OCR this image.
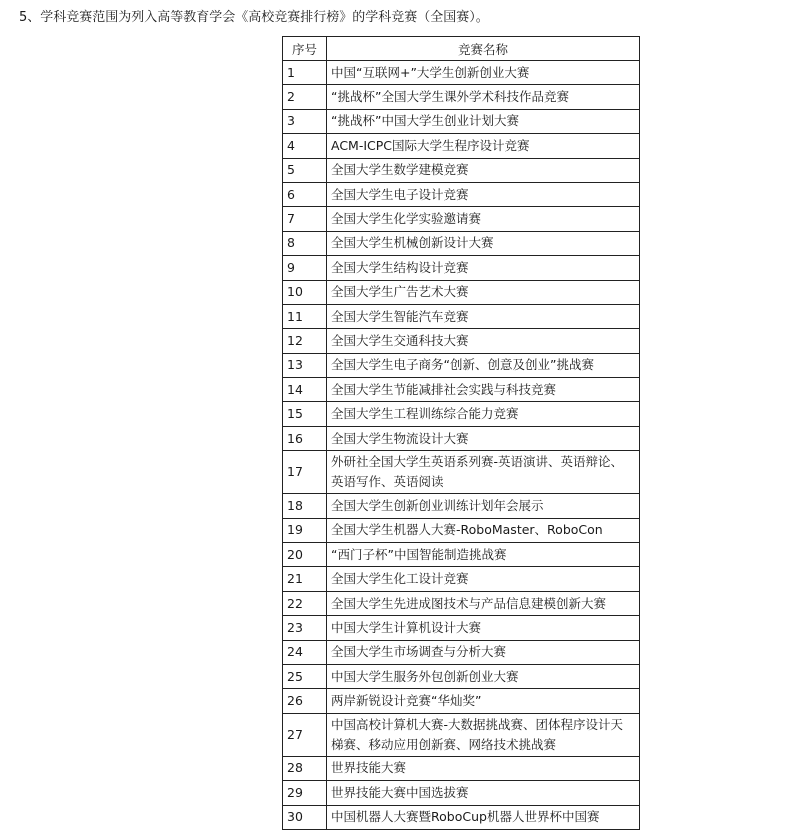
5、学科竞赛范围为列入高等教育学会《高校竞赛排行榜》的学科竞赛（全国赛）。

序号	竞赛名称
1	中国“互联网+”大学生创新创业大赛
2	“挑战杯”全国大学生课外学术科技作品竞赛
3	“挑战杯”中国大学生创业计划大赛
4	ACM-ICPC国际大学生程序设计竞赛
5	全国大学生数学建模竞赛
6	全国大学生电子设计竞赛
7	全国大学生化学实验邀请赛
8	全国大学生机械创新设计大赛
9	全国大学生结构设计竞赛
10	全国大学生广告艺术大赛
11	全国大学生智能汽车竞赛
12	全国大学生交通科技大赛
13	全国大学生电子商务“创新、创意及创业”挑战赛
14	全国大学生节能减排社会实践与科技竞赛
15	全国大学生工程训练综合能力竞赛
16	全国大学生物流设计大赛
17	外研社全国大学生英语系列赛-英语演讲、英语辩论、英语写作、英语阅读
18	全国大学生创新创业训练计划年会展示
19	全国大学生机器人大赛-RoboMaster、RoboCon
20	“西门子杯”中国智能制造挑战赛
21	全国大学生化工设计竞赛
22	全国大学生先进成图技术与产品信息建模创新大赛
23	中国大学生计算机设计大赛
24	全国大学生市场调查与分析大赛
25	中国大学生服务外包创新创业大赛
26	两岸新锐设计竞赛“华灿奖”
27	中国高校计算机大赛-大数据挑战赛、团体程序设计天梯赛、移动应用创新赛、网络技术挑战赛
28	世界技能大赛
29	世界技能大赛中国选拔赛
30	中国机器人大赛暨RoboCup机器人世界杯中国赛
